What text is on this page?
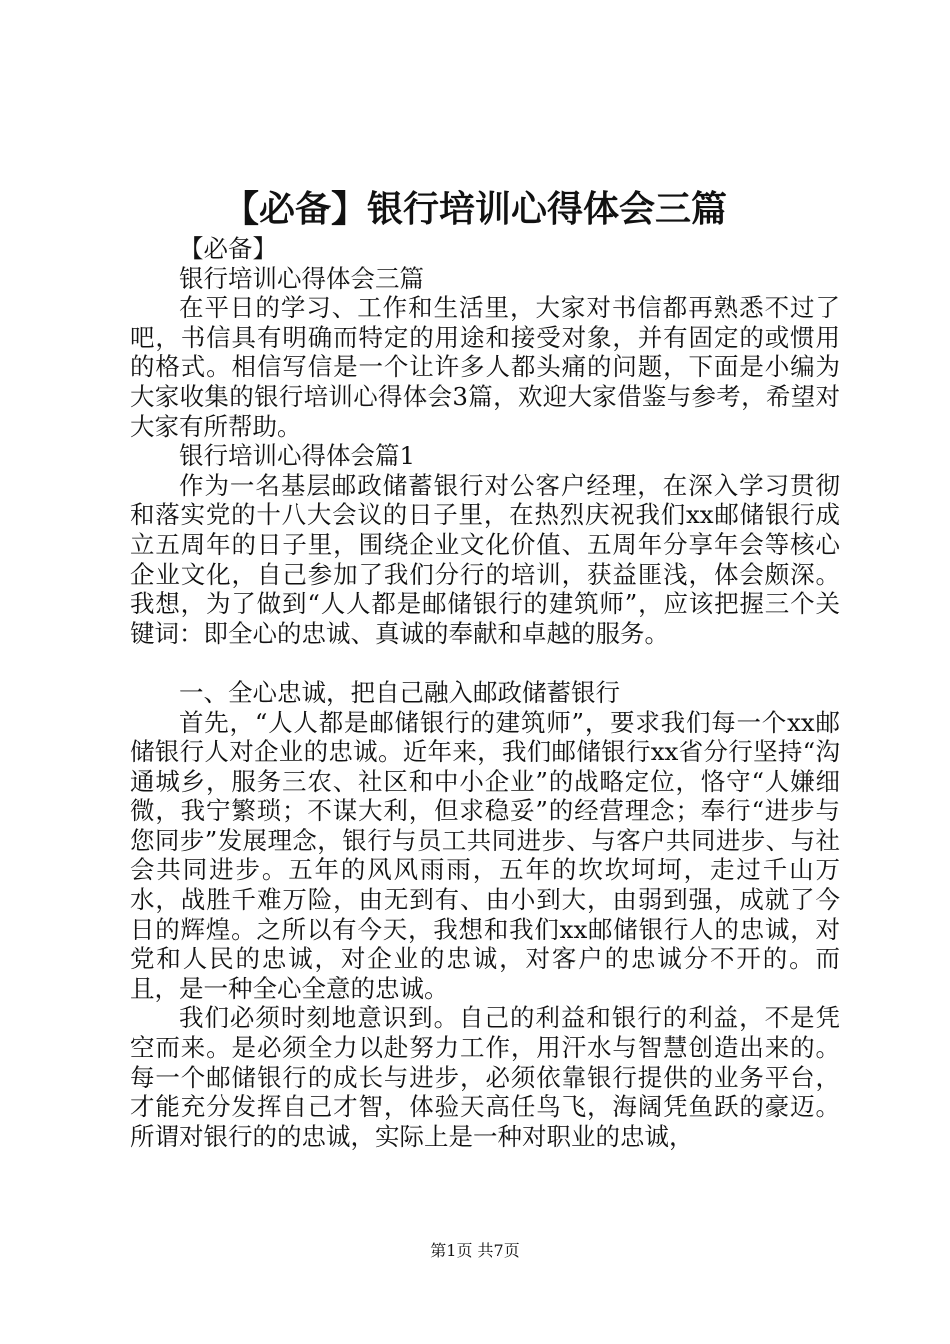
【必备】银行培训心得体会三篇

【必备】

银行培训心得体会三篇

在平日的学习、工作和生活里，大家对书信都再熟悉不过了吧，书信具有明确而特定的用途和接受对象，并有固定的或惯用的格式。相信写信是一个让许多人都头痛的问题，下面是小编为大家收集的银行培训心得体会3篇，欢迎大家借鉴与参考，希望对大家有所帮助。

银行培训心得体会篇1

作为一名基层邮政储蓄银行对公客户经理，在深入学习贯彻和落实党的十八大会议的日子里，在热烈庆祝我们xx邮储银行成立五周年的日子里，围绕企业文化价值、五周年分享年会等核心企业文化，自己参加了我们分行的培训，获益匪浅，体会颇深。我想，为了做到“人人都是邮储银行的建筑师”，应该把握三个关键词：即全心的忠诚、真诚的奉献和卓越的服务。

一、全心忠诚，把自己融入邮政储蓄银行

首先，“人人都是邮储银行的建筑师”，要求我们每一个xx邮储银行人对企业的忠诚。近年来，我们邮储银行xx省分行坚持“沟通城乡，服务三农、社区和中小企业”的战略定位，恪守“人嫌细微，我宁繁琐；不谋大利，但求稳妥”的经营理念；奉行“进步与您同步”发展理念，银行与员工共同进步、与客户共同进步、与社会共同进步。五年的风风雨雨，五年的坎坎坷坷，走过千山万水，战胜千难万险，由无到有、由小到大，由弱到强，成就了今日的辉煌。之所以有今天，我想和我们xx邮储银行人的忠诚，对党和人民的忠诚，对企业的忠诚，对客户的忠诚分不开的。而且，是一种全心全意的忠诚。

我们必须时刻地意识到。自己的利益和银行的利益，不是凭空而来。是必须全力以赴努力工作，用汗水与智慧创造出来的。每一个邮储银行的成长与进步，必须依靠银行提供的业务平台，才能充分发挥自己才智，体验天高任鸟飞，海阔凭鱼跃的豪迈。所谓对银行的的忠诚，实际上是一种对职业的忠诚，

第1页 共7页
